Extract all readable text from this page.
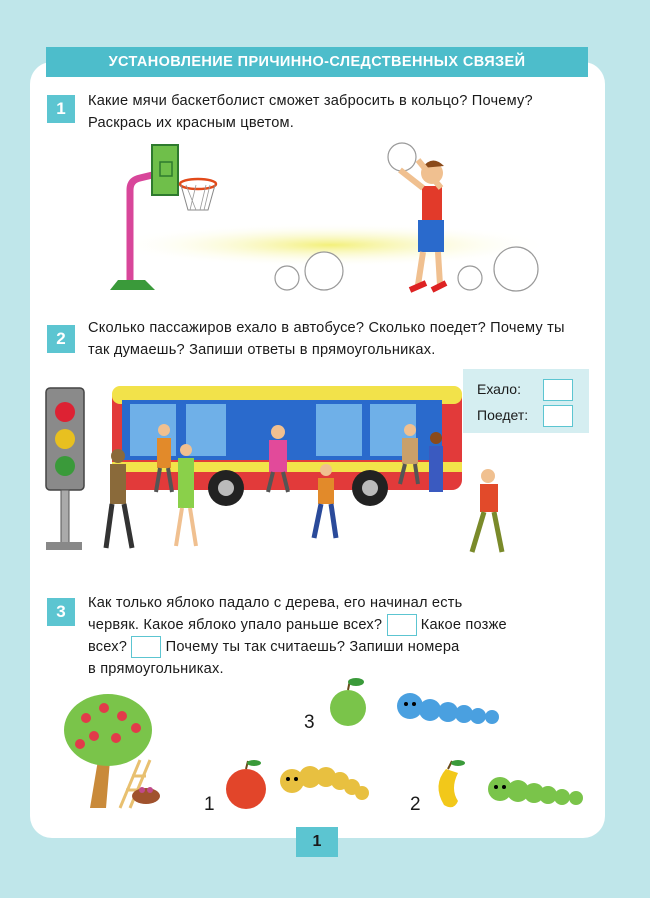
УСТАНОВЛЕНИЕ ПРИЧИННО-СЛЕДСТВЕННЫХ СВЯЗЕЙ
1	Какие мячи баскетболист сможет забросить в кольцо? Почему? Раскрась их красным цветом.
2
Сколько пассажиров ехало в автобусе? Сколько поедет? Почему ты так думаешь? Запиши ответы в прямоугольниках.
Ехало:
Поедет:
3	Как только яблоко падало с дерева, его начинал есть
червяк. Какое яблоко упало раньше всех?	Какое позже
всех?	Почему ты так считаешь? Запиши номера
в прямоугольниках.
3
1	2
1
